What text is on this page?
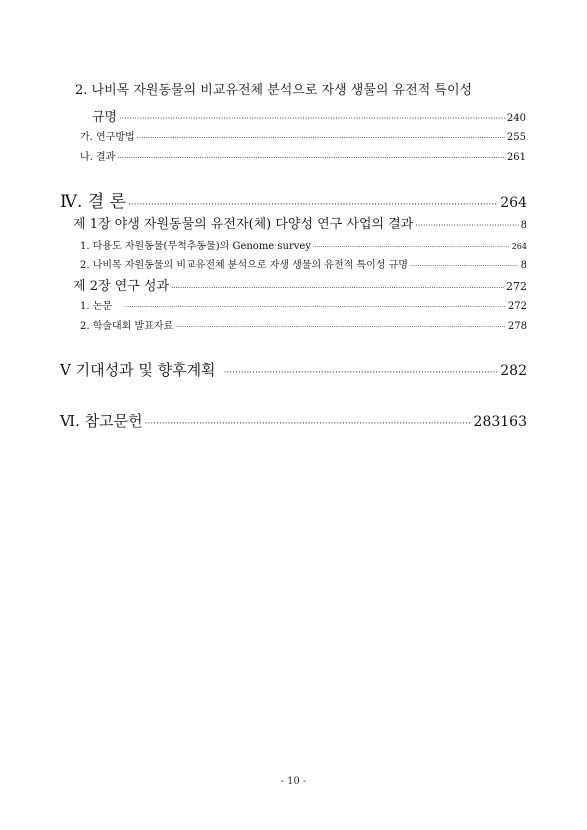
2. 나비목 자원동물의 비교유전체 분석으로 자생 생물의 유전적 특이성
규명 ·····	240
가. 연구방법 ·····	255
나. 결과 ·····	261
Ⅳ. 결 론 ·····	264
제 1장 야생 자원동물의 유전자(체) 다양성 연구 사업의 결과 ·····	8
1. 다용도 자원동물(무척추동물)의 Genome survey ·····	264
2. 나비목 자원동물의 비교유전체 분석으로 자생 생물의 유전적 특이성 규명 ·····	8
제 2장 연구 성과 ·····	272
1. 논문 ·····	272
2. 학술대회 발표자료 ·····	278
Ⅴ 기대성과 및 향후계획 ·····	282
Ⅵ. 참고문헌 ·····	283163
- 10 -
